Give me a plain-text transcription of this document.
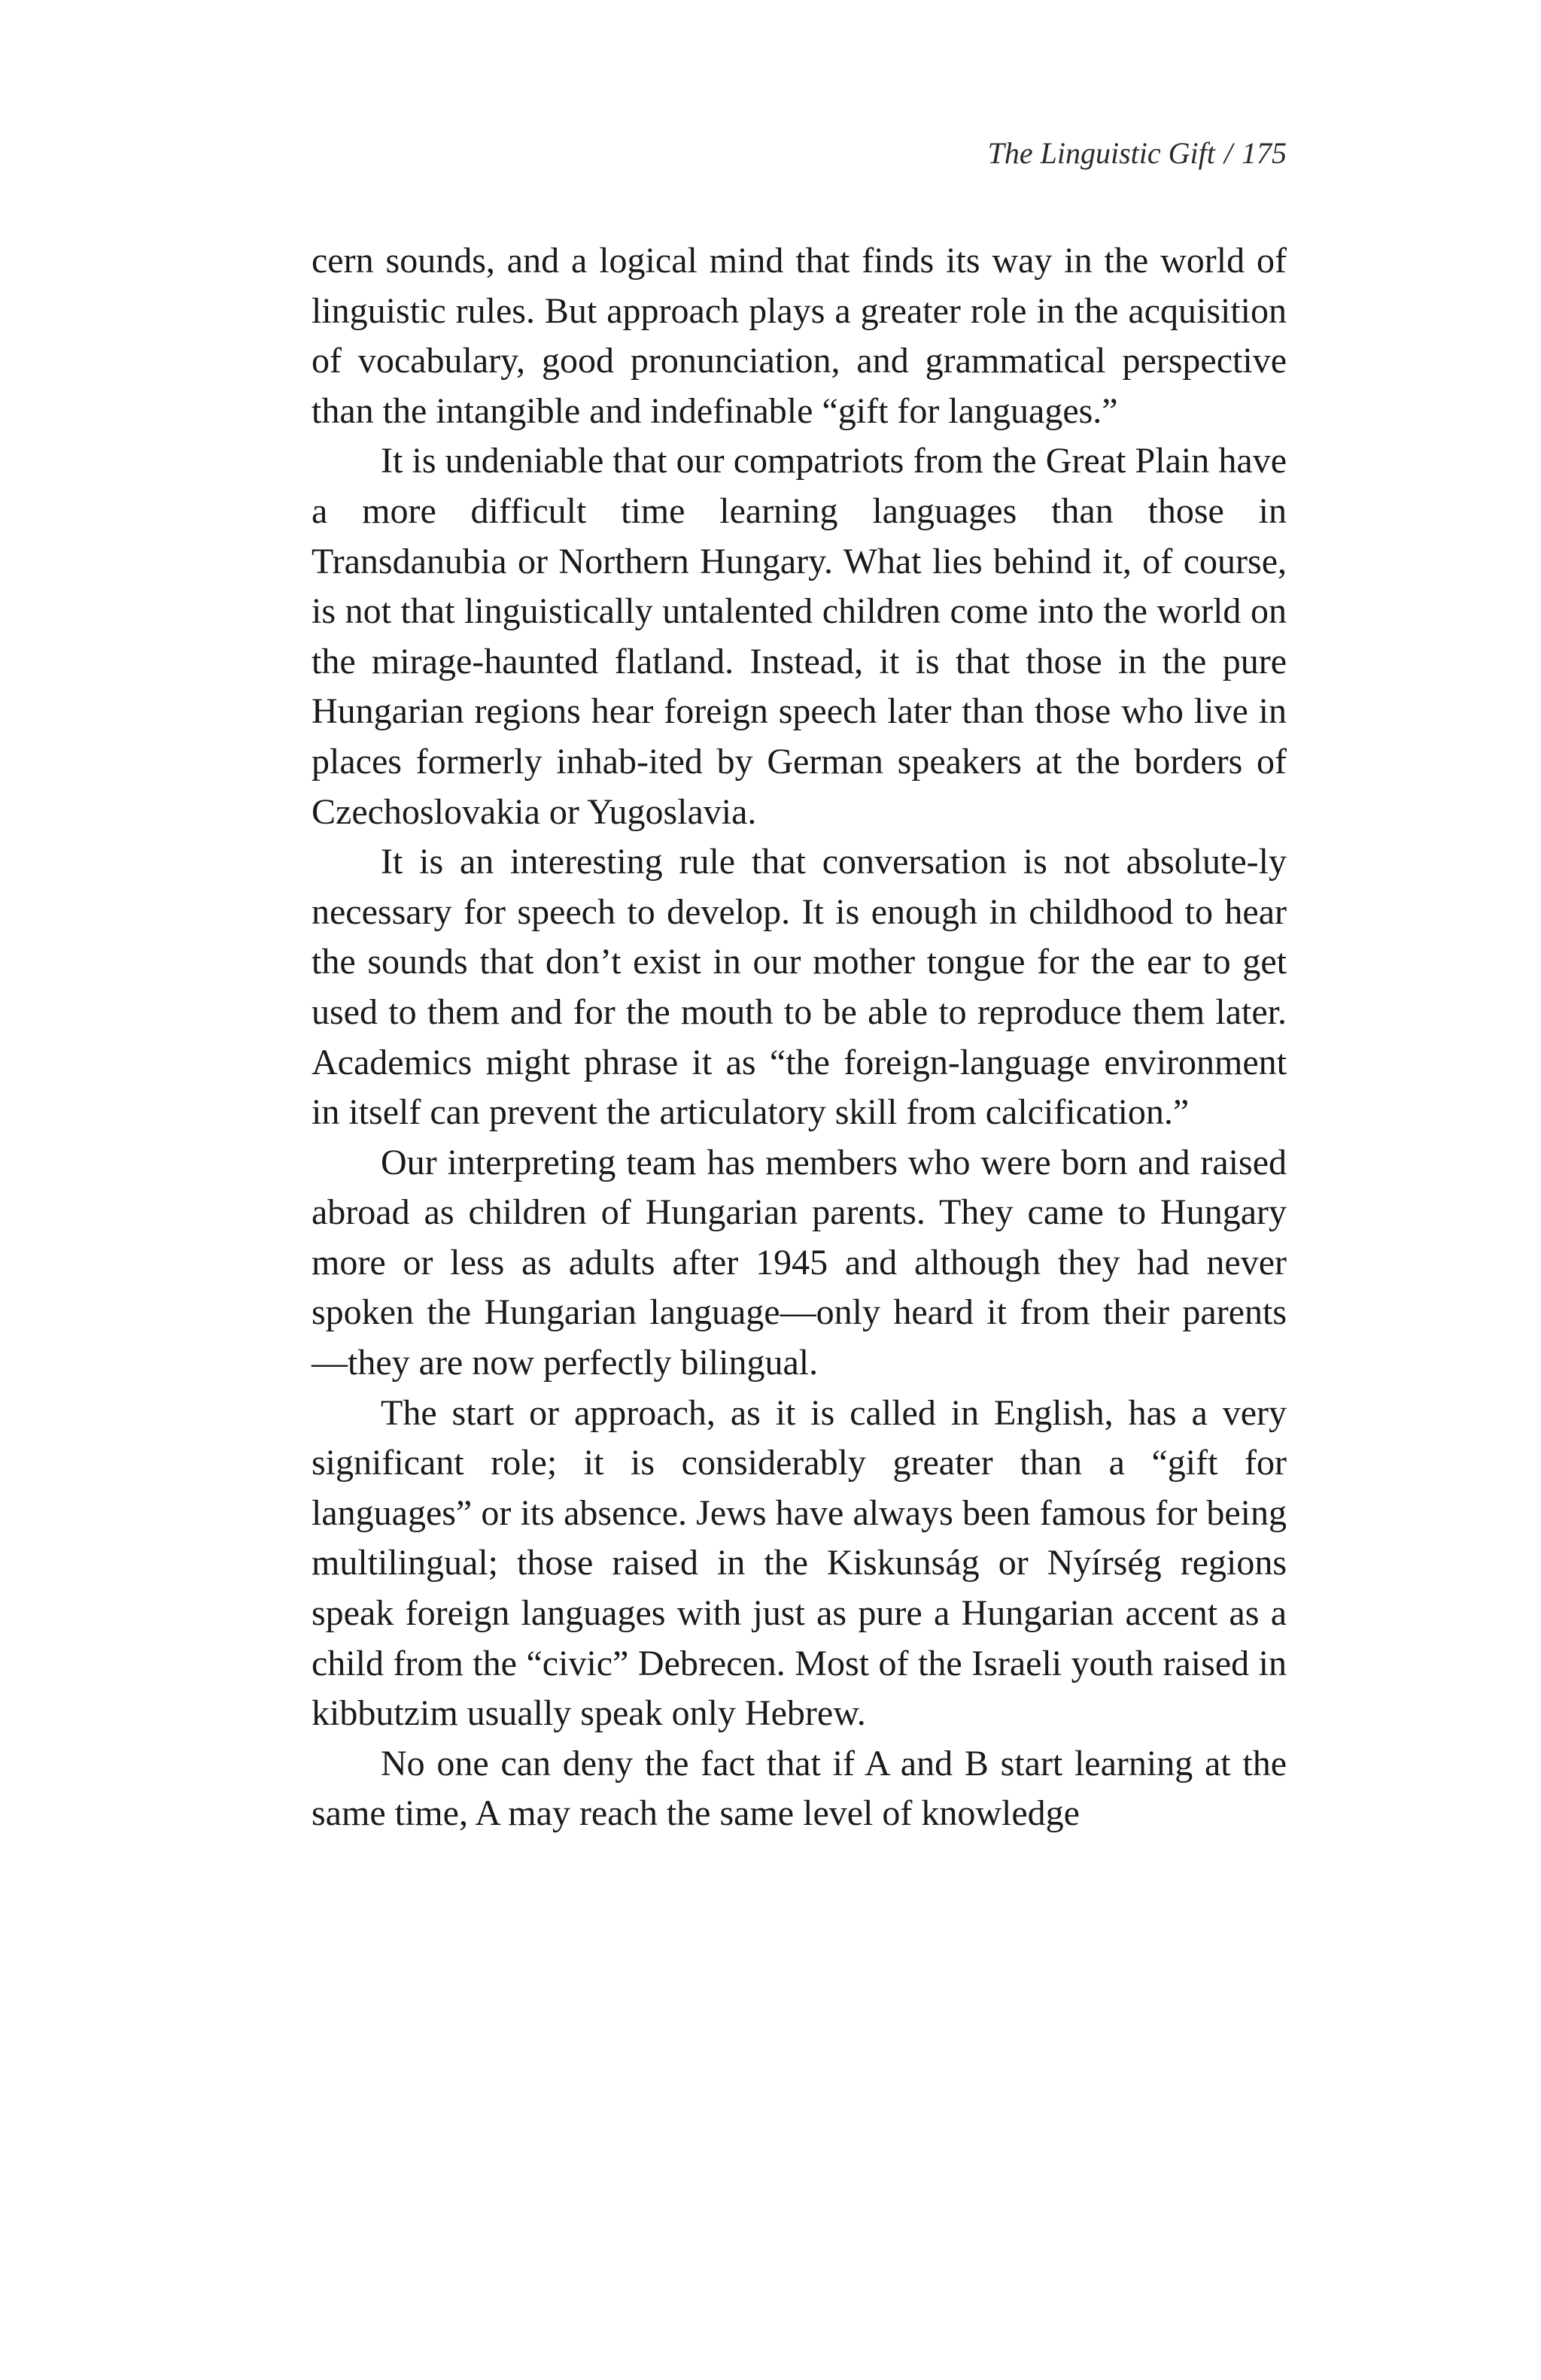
The Linguistic Gift / 175

cern sounds, and a logical mind that finds its way in the world of linguistic rules. But approach plays a greater role in the acquisition of vocabulary, good pronunciation, and grammatical perspective than the intangible and indefinable “gift for languages.”

It is undeniable that our compatriots from the Great Plain have a more difficult time learning languages than those in Transdanubia or Northern Hungary. What lies behind it, of course, is not that linguistically untalented children come into the world on the mirage-haunted flatland. Instead, it is that those in the pure Hungarian regions hear foreign speech later than those who live in places formerly inhab-ited by German speakers at the borders of Czechoslovakia or Yugoslavia.

It is an interesting rule that conversation is not absolute-ly necessary for speech to develop. It is enough in childhood to hear the sounds that don’t exist in our mother tongue for the ear to get used to them and for the mouth to be able to reproduce them later. Academics might phrase it as “the foreign-language environment in itself can prevent the articulatory skill from calcification.”

Our interpreting team has members who were born and raised abroad as children of Hungarian parents. They came to Hungary more or less as adults after 1945 and although they had never spoken the Hungarian language—only heard it from their parents—they are now perfectly bilingual.

The start or approach, as it is called in English, has a very significant role; it is considerably greater than a “gift for languages” or its absence. Jews have always been famous for being multilingual; those raised in the Kiskunság or Nyírség regions speak foreign languages with just as pure a Hungarian accent as a child from the “civic” Debrecen. Most of the Israeli youth raised in kibbutzim usually speak only Hebrew.

No one can deny the fact that if A and B start learning at the same time, A may reach the same level of knowledge
